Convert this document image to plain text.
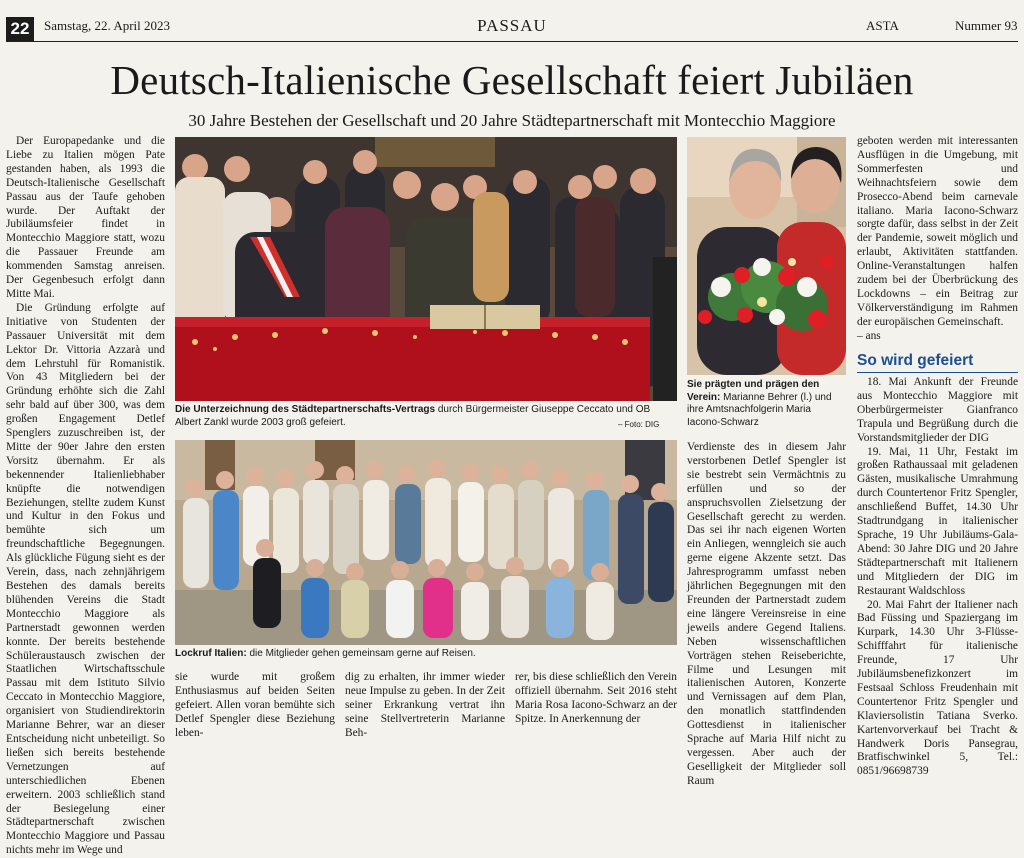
22	Samstag, 22. April 2023	PASSAU	ASTA	Nummer 93
Deutsch-Italienische Gesellschaft feiert Jubiläen
30 Jahre Bestehen der Gesellschaft und 20 Jahre Städtepartnerschaft mit Montecchio Maggiore

Der Europapedanke und die Liebe zu Italien mögen Pate gestanden haben, als 1993 die Deutsch-Italienische Gesellschaft Passau aus der Taufe gehoben wurde. Der Auftakt der Jubiläumsfeier findet in Montecchio Maggiore statt, wozu die Passauer Freunde am kommenden Samstag anreisen. Der Gegenbesuch erfolgt dann Mitte Mai.

Die Gründung erfolgte auf Initiative von Studenten der Passauer Universität mit dem Lektor Dr. Vittoria Azzarà und dem Lehrstuhl für Romanistik. Von 43 Mitgliedern bei der Gründung erhöhte sich die Zahl sehr bald auf über 300, was dem großen Engagement Detlef Spenglers zuzuschreiben ist, der Mitte der 90er Jahre den ersten Vorsitz übernahm. Er als bekennender Italienliebhaber knüpfte die notwendigen Beziehungen, stellte zudem Kunst und Kultur in den Fokus und bemühte sich um freundschaftliche Begegnungen. Als glückliche Fügung sieht es der Verein, dass, nach zehnjährigem Bestehen des damals bereits blühenden Vereins die Stadt Montecchio Maggiore als Partnerstadt gewonnen werden konnte. Der bereits bestehende Schüleraustausch zwischen der Staatlichen Wirtschaftsschule Passau mit dem Istituto Silvio Ceccato in Montecchio Maggiore, organisiert von Studiendirektorin Marianne Behrer, war an dieser Entscheidung nicht unbeteiligt. So ließen sich bereits bestehende Vernetzungen auf unterschiedlichen Ebenen erweitern. 2003 schließlich stand der Besiegelung einer Städtepartnerschaft zwischen Montecchio Maggiore und Passau nichts mehr im Wege und

Die Unterzeichnung des Städtepartnerschafts-Vertrags durch Bürgermeister Giuseppe Ceccato und OB Albert Zankl wurde 2003 groß gefeiert.	– Foto: DIG
Sie prägten und prägen den Verein: Marianne Behrer (l.) und ihre Amtsnachfolgerin Maria Iacono-Schwarz

geboten werden mit interessanten Ausflügen in die Umgebung, mit Sommerfesten und Weihnachtsfeiern sowie dem Prosecco-Abend beim carnevale italiano. Maria Iacono-Schwarz sorgte dafür, dass selbst in der Zeit der Pandemie, soweit möglich und erlaubt, Aktivitäten stattfanden. Online-Veranstaltungen halfen zudem bei der Überbrückung des Lockdowns – ein Beitrag zur Völkerverständigung im Rahmen der europäischen Gemeinschaft.

– ans

So wird gefeiert

18. Mai Ankunft der Freunde aus Montecchio Maggiore mit Oberbürgermeister Gianfranco Trapula und Begrüßung durch die Vorstandsmitglieder der DIG

19. Mai, 11 Uhr, Festakt im großen Rathaussaal mit geladenen Gästen, musikalische Umrahmung durch Countertenor Fritz Spengler, anschließend Buffet, 14.30 Uhr Stadtrundgang in italienischer Sprache, 19 Uhr Jubiläums-Gala-Abend: 30 Jahre DIG und 20 Jahre Städtepartnerschaft mit Italienern und Mitgliedern der DIG im Restaurant Waldschloss

20. Mai Fahrt der Italiener nach Bad Füssing und Spaziergang im Kurpark, 14.30 Uhr 3-Flüsse-Schifffahrt für italienische Freunde, 17 Uhr Jubiläumsbenefizkonzert im Festsaal Schloss Freudenhain mit Countertenor Fritz Spengler und Klaviersolistin Tatiana Sverko. Kartenvorverkauf bei Tracht & Handwerk Doris Pansegrau, Bratfischwinkel 5, Tel.: 0851/96698739

Lockruf Italien: die Mitglieder gehen gemeinsam gerne auf Reisen.

sie wurde mit großem Enthusiasmus auf beiden Seiten gefeiert. Allen voran bemühte sich Detlef Spengler diese Beziehung leben-

dig zu erhalten, ihr immer wieder neue Impulse zu geben. In der Zeit seiner Erkrankung vertrat ihn seine Stellvertreterin Marianne Beh-

rer, bis diese schließlich den Verein offiziell übernahm. Seit 2016 steht Maria Rosa Iacono-Schwarz an der Spitze. In Anerkennung der

Verdienste des in diesem Jahr verstorbenen Detlef Spengler ist sie bestrebt sein Vermächtnis zu erfüllen und so der anspruchsvollen Zielsetzung der Gesellschaft gerecht zu werden. Das sei ihr nach eigenen Worten ein Anliegen, wenngleich sie auch gerne eigene Akzente setzt. Das Jahresprogramm umfasst neben jährlichen Begegnungen mit den Freunden der Partnerstadt zudem eine längere Vereinsreise in eine jeweils andere Gegend Italiens. Neben wissenschaftlichen Vorträgen stehen Reiseberichte, Filme und Lesungen mit italienischen Autoren, Konzerte und Vernissagen auf dem Plan, den monatlich stattfindenden Gottesdienst in italienischer Sprache auf Maria Hilf nicht zu vergessen. Aber auch der Geselligkeit der Mitglieder soll Raum
